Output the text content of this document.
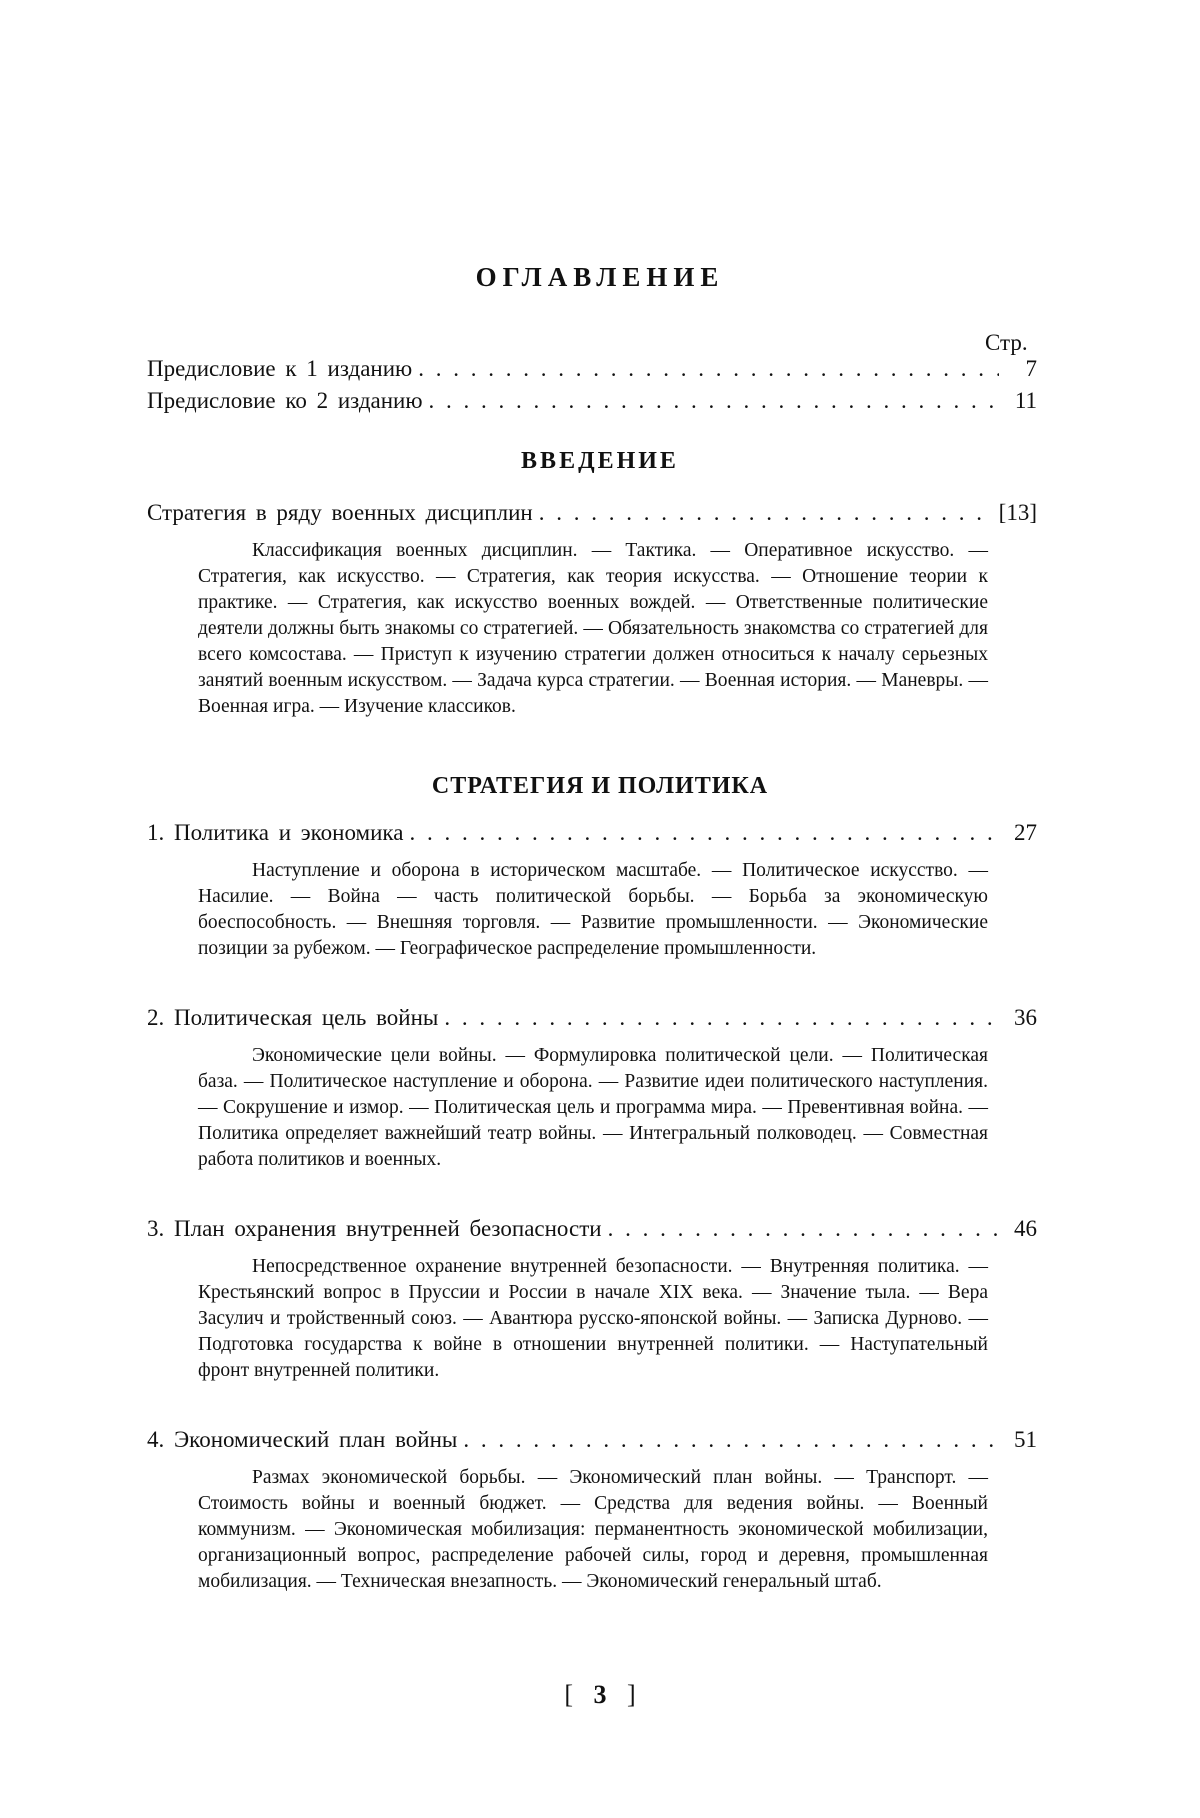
ОГЛАВЛЕНИЕ
Стр.
Предисловие к 1 изданию . . .	7
Предисловие ко 2 изданию . . .	11
ВВЕДЕНИЕ
Стратегия в ряду военных дисциплин . . .	[13]
Классификация военных дисциплин. — Тактика. — Оперативное искусство. — Стратегия, как искусство. — Стратегия, как теория искусства. — Отношение теории к практике. — Стратегия, как искусство военных вождей. — Ответственные политические деятели должны быть знакомы со стратегией. — Обязательность знакомства со стратегией для всего комсостава. — Приступ к изучению стратегии должен относиться к началу серьезных занятий военным искусством. — Задача курса стратегии. — Военная история. — Маневры. — Военная игра. — Изучение классиков.
СТРАТЕГИЯ И ПОЛИТИКА
1. Политика и экономика . . .	27
Наступление и оборона в историческом масштабе. — Политическое искусство. — Насилие. — Война — часть политической борьбы. — Борьба за экономическую боеспособность. — Внешняя торговля. — Развитие промышленности. — Экономические позиции за рубежом. — Географическое распределение промышленности.
2. Политическая цель войны . . .	36
Экономические цели войны. — Формулировка политической цели. — Политическая база. — Политическое наступление и оборона. — Развитие идеи политического наступления. — Сокрушение и измор. — Политическая цель и программа мира. — Превентивная война. — Политика определяет важнейший театр войны. — Интегральный полководец. — Совместная работа политиков и военных.
3. План охранения внутренней безопасности . . .	46
Непосредственное охранение внутренней безопасности. — Внутренняя политика. — Крестьянский вопрос в Пруссии и России в начале XIX века. — Значение тыла. — Вера Засулич и тройственный союз. — Авантюра русско-японской войны. — Записка Дурново. — Подготовка государства к войне в отношении внутренней политики. — Наступательный фронт внутренней политики.
4. Экономический план войны . . .	51
Размах экономической борьбы. — Экономический план войны. — Транспорт. — Стоимость войны и военный бюджет. — Средства для ведения войны. — Военный коммунизм. — Экономическая мобилизация: перманентность экономической мобилизации, организационный вопрос, распределение рабочей силы, город и деревня, промышленная мобилизация. — Техническая внезапность. — Экономический генеральный штаб.
[ 3 ]
